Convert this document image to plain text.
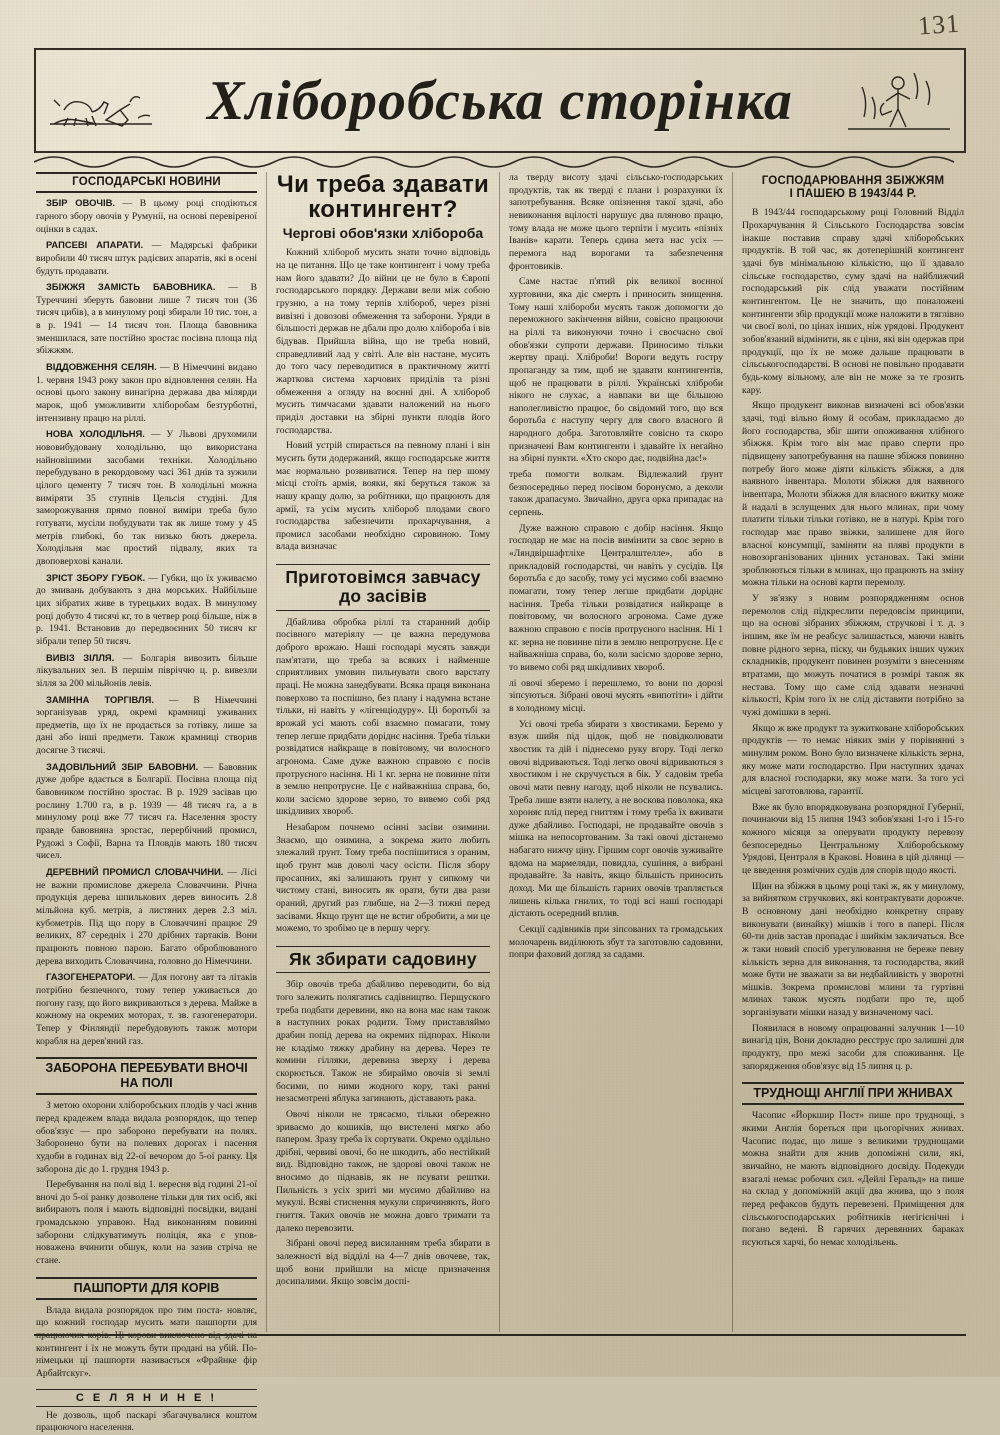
131
Хліборобська сторінка
ГОСПОДАРСЬКІ НОВИНИ

ЗБІР ОВОЧІВ. — В цьому році сподіються гарного збору овочів у Румунії, на основі перевіреної оцінки в садах.

РАПСЕВІ АПАРАТИ. — Мадярські фабрики виробили 40 тисяч штук радієвих апаратів, які в осені будуть продавати.

ЗБІЖЖЯ ЗАМІСТЬ БАВОВНИКА. — В Туреччині зберуть бавовни лише 7 тисяч тон (36 тисяч цибів), а в минулому році збирали 10 тис. тон, а в р. 1941 — 14 тисяч тон. Площа бавовника зменшилася, зате постійно зростає посівна площа під збіжжям.

ВІДДОВЖЕННЯ СЕЛЯН. — В Німеччині видано 1. червня 1943 року закон про відновлення селян. На основі цього закону винагірна держава два мілярди марок, щоб уможливити хліборобам безтурботні, інтензивну працю на ріллі.

НОВА ХОЛОДІЛЬНЯ. — У Львові друхомили нововибудовану холодільню, що використана найновішими засобами техніки. Холодільню перебудувано в рекордовому часі 361 днів та зужили цілого цементу 7 тисяч тон. В холодільні можна виміряти 35 ступнів Цельсія студіні. Для заморожування прямо повної виміри треба було готувати, мусіли побудувати так як лише тому у 45 метрів глибокі, бо так низько бють джерела. Холодільня має простий підвалу, яких та двоповерхові канали.

ЗРІСТ ЗБОРУ ГУБОК. — Губки, що їх уживаємо до змивань добувають з дна морських. Найбільше цих зібратих живе в турецьких водах. В минулому році добуто 4 тисячі кг, то в четвер році більше, ніж в р. 1941. Встановив до передвоєнних 50 тисяч кг зібрали тепер 50 тисяч.

ВИВІЗ ЗІЛЛЯ. — Болгарія вивозить більше лікувальних зел. В першім півріччю ц. р. вивезли зілля за 200 мільйонів левів.

ЗАМІННА ТОРГІВЛЯ. — В Німеччині зорганізував уряд, окремі крамниці уживаних предметів, що їх не продається за готівку, лише за дані або інші предмети. Також крамниці створив досягне 3 тисячі.

ЗАДОВІЛЬНИЙ ЗБІР БАВОВНИ. — Бавовник дуже добре вдається в Болгарії. Посівна площа під бавовником постійно зростає. В р. 1929 засівав цю рослину 1.700 га, в р. 1939 — 48 тисяч га, а в минулому році вже 77 тисяч га. Населення зросту правде бавовняна зростає, перербічний промисл, Рудожі з Софії, Варна та Пловдів мають 180 тисяч чисел.

ДЕРЕВНИЙ ПРОМИСЛ СЛОВАЧЧИНИ. — Лісі не важни промислове джерела Словаччини. Річна продукція дерева шпилькових дерев виносить 2.8 мільйона куб. метрів, а листяних дерев 2.3 міл. кубометрів. Під що пору в Словаччині працює 29 великих, 87 середніх і 270 дрібних тартаків. Вони працюють повною парою. Багато оброблюваного дерева виходить Словаччина, головно до Німеччини.

ГАЗОГЕНЕРАТОРИ. — Для погону авт та літаків потрібно безпечного, тому тепер уживається до погону газу, що його викриваються з дерева. Майже в кожному на окремих моторах, т. зв. газогенератори. Тепер у Фінляндії перебудовують також мотори корабля на дерев'яний газ.

ЗАБОРОНА ПЕРЕБУВАТИ ВНОЧІ
НА ПОЛІ

З метою охорони хліборобських плодів у часі жнив перед крадежем влада видала розпорядок, що тепер обов'язує — про забороно перебувати на полях. Заборонено бути на полевих дорогах і пасення худоби в годинах від 22-ої вечором до 5-ої ранку. Ця заборона діє до 1. грудня 1943 р.

Перебування на полі від 1. вересня від годині 21-ої вночі до 5-ої ранку дозволене тільки для тих осіб, які вибирають поля і мають відповідні посвідки, видані громадською управою. Над виконанням повинні заборони слідкуватимуть поліція, яка є упов- новажена вчинити обшук, коли на зазив стріча не стане.

ПАШПОРТИ ДЛЯ КОРІВ

Влада видала розпорядок про тим поста- новляє, що кожний господар мусить мати пашпорти для працюючих корів. Ці корови виключено від здачі на контингент і їх не можуть бути продані на убій. По-німецьки ці пашпорти називається «Фрайнке фір Арбайтскуг».

С Е Л Я Н И Н Е !

Не дозволь, щоб паскарі збагачувалися коштом працюючого населення.

Чи треба здавати контингент?
Чергові обов'язки хлібороба

Кожний хлібороб мусить знати точно відповідь на це питання. Що це таке контингент і чому треба нам його здавати? До війни це не було в Європі господарського порядку. Держави вели між собою грузню, а на тому терпів хлібороб, через різні вивізні і довозові обмеження та заборони. Уряди в більшості держав не дбали про долю хлібороба і вів бідував. Прийшла війна, що не треба новий, справедливий лад у світі. Але він настане, мусить до того часу переводитися в практичному житті жарткова система харчових приділів та різні обмеження а огляду на воєнні дні. А хлібороб мусить тимчасами здавати наложений на нього приділ доставки на збірні пункти плодів його господарства.

Новий устрій спирається на певному плані і він мусить бути додержаний, якщо господарське життя має нормально розвиватися. Тепер на пер шому місці стоїть армія, вояки, які беруться також за нашу кращу долю, за робітники, що працюють для армії, та усім мусить хлібороб плодами свого господарства забезпечити прохарчування, а промисл засобами необхідно сировиною. Тому влада визначає

Приготовімся завчасу до засівів

Дбайлива обробка ріллі та старанний добір посівного матеріялу — це важна передумова доброго врожаю. Наші господарі мусять завжди пам'ятати, що треба за всяких і найменше сприятливих умовин пильнувати свого варстату праці. Не можна занедбувати. Всяка праця виконана поверхово та поспішно, без плану і надумна встане тільки, ні навіть у «лігенціодуру». Ці боротьбі за врожай усі мають собі взаємно помагати, тому тепер легше придбати доріднє насіння. Треба тільки розвідатися найкраще в повітовому, чи волосного агронома. Саме дуже важною справою є посів протруєного насіння. Ні 1 кг. зерна не повинне піти в землю непротруєне. Це є найважніша справа, бо, коли засіємо здорове зерно, то вивемо собі ряд шкідливих хвороб.

Незабаром почнемо осінні засіви озимини. Знаємо, що озимина, а зокрема жито любить злежалий ґрунт. Тому треба поспішитися з ораним, щоб ґрунт мав доволі часу осісти. Після збору просапних, які залишають ґрунт у сипкому чи чистому стані, виносить як орати, бути два рази ораний, другий раз глибше, на 2—3 тижні перед засівами. Якщо ґрунт ще не встиг обробити, а ми це можемо, то зробімо це в першу чергу.

Як збирати садовину

Збір овочів треба дбайливо переводити, бо від того залежить полягатись садівництво. Перщуского треба подбати деревини, яко на вона має нам також в наступних роках родити. Тому приставляймо драбин попід дерева на окремих підпорах. Ніколи не кладімо тяжку драбину на дерева. Через те комини гілляки, деревина зверху і дерева скорюється. Також не збираймо овочів зі землі босими, по ними жодного кору, такі ранні незасмотрені яблука загинають, діставають рака.

Овочі ніколи не трясаємо, тільки обережно зриваємо до кошиків, що вистелені мягко або папером. Зразу треба їх сортувати. Окремо оддільно дрібні, червиві овочі, бо не шкодить, або нестійкий вид. Відповідно також, не здорові овочі також не вносимо до піднавів, як не псувати рештки. Пильність з усіх зриті ми мусимо дбайливо на мукулі. Всяві стиснення мукули спричиняють, його гниття. Таких овочів не можна довго тримати та далеко перевозити.

Зібрані овочі перед висиланням треба збирати в залежності від відділі на 4—7 днів овочеве, так, щоб вони прийшли на місце призначення досипалими. Якщо зовсім доспі-

ла тверду висоту здачі сільсько-господарських продуктів, так як тверді є плани і розрахунки їх запотребування. Всяке опізнення такої здачі, або невиконання вцілості нарушує два пляново працю, тому влада не може цього терпіти і мусить «пізніх Іванів» карати. Теперь єдина мета нас усіх — перемога над ворогами та забезпечення фронтовиків.

Саме настає п'ятий рік великої воєнної хуртовини, яка діє смерть і приносить знищення. Тому наші хлібороби мусять також допомогти до переможного закінчення війни, совісно працюючи на ріллі та виконуючи точно і своєчасно свої обов'язки супроти держави. Приносимо тільки жертву праці. Хліброби! Вороги ведуть гостру пропаганду за тим, щоб не здавати контингентів, щоб не працювати в ріллі. Українські хліброби нікого не слухає, а навпаки ви ще більшою наполегливістю працює, бо свідомий того, що вся боротьба є наступу чергу для свого власного й народного добра. Заготовляйте совісно та скоро призначені Вам контингенти і здавайте їх негайно на збірні пункти. «Хто скоро дає, подвійна дає!»

треба помогти волкам. Відлежалий ґрунт безпосередньо перед посівом боронуємо, а деколи також драпаєумо. Звичайно, друга орка припадає на серпень.

Дуже важною справою є добір насіння. Якщо господар не має на посів вимінити за своє зерно в «Ляндвіршафтліхе Централштелле», або в прикладовій господарстві, чи навіть у сусідів. Ця боротьба є до засобу, тому усі мусимо собі взаємно помагати, тому тепер легше придбати доріднє насіння. Треба тільки розвідатися найкраще в повітовому, чи волосного агронома. Саме дуже важною справою є посів протруєного насіння. Ні 1 кг. зерна не повинне піти в землю непротруєне. Це є найважніша справа, бо, коли засіємо здорове зерно, то вивемо собі ряд шкідливих хвороб.

лі овочі зберемо і перешлемо, то вони по дорозі зіпсуються. Зібрані овочі мусять «випотіти» і дійти в холодному місці.

Усі овочі треба збирати з хвостиками. Беремо у взуж шийя під цідок, щоб не повідколювати хвостик та дій і піднесемо руку вгору. Тоді легко овочі відриваються. Тоді легко овочі відриваються з хвостиком і не скручується в бік. У садовім треба овочі мати певну нагоду, щоб ніколи не псувались. Треба лише взяти налету, а не воскова поволока, яка хороняє плід перед гниттям і тому треба їх вживати дуже дбайливо. Господарі, не продавайте овочів з мішка на непосортованим. За такі овочі дістанемо набагато нижчу ціну. Гіршим сорт овочів зуживайте вдома на мармеляди, повидла, сушіння, а вибрані продавайте. За навіть, якщо більшість приносить доход. Ми ще більшість гарних овочів трапляється лишень кілька гнилих, то тоді всі наші господарі дістають осередний вплив.

Секції садівників при зіпсованих та громадських молочарень виділюють збут та заготовлю садовини, попри фаховий догляд за садами.

ГОСПОДАРЮВАННЯ ЗБІЖЖЯМ
І ПАШЕЮ В 1943/44 Р.

В 1943/44 господарському році Головний Відділ Прохарчування й Сільського Господарства зовсім інакше поставив справу здачі хліборобських продуктів. В той час, як дотеперішній контингент здачі був мінімальною кількістю, що її здавало сільське господарство, суму здачі на найближчий господарський рік слід уважати постійним контингентом. Це не значить, що поналожені контингенти збір продукції може наложити в тяглівно чи своєї волі, по цінах інших, ніж урядові. Продукент зобов'язаний відмінити, як є ціни, які він одержав при продукції, що їх не може дальше працювати в сільськогосподарстві. В основі не повільно продавати будь-кому вільному, але він не може за те грозить кару.

Якщо продукент виконав визначені всі обов'язки здачі, тоді вільно йому й особам, прикладаємо до його господарства, збіг шити опоживання хлібного збіжжя. Крім того він має право сперти про підвищену запотребування на пашне збіжжя повинно потребу його може діяти кількість збіжжя, а для наявного інвентара. Молоти збіжжя для наявного інвентара, Молоти збіжжя для власного вжитку може й надалі в зслущених для нього млинах, при чому платити тільки тільки готівко, не в натурі. Крім того господар має право звіжки, залишене для його власної консумпції, заміняти на пляві продукти в новозорганізованих цінних установах. Такі зміни зроблюються тільки в млинах, що працюють на зміну можна тільки на основі карти перемолу.

У зв'язку з новим розпорядженням основ перемолов слід підкреслити передовсім принципи, що на основі зібраних збіжжям, стручкові і т. д. з іншим, яке їм не реабсує залишається, маючи навіть повне рідного зерна, піску, чи будьяких інших чужих складників, продукент повинен розуміти з внесенням втратами, що можуть початися в розмірі також як нестава. Тому що саме слід здавати незначні кількості, Крім того їх не слід діставити потрібно за чужі домішки в зерні.

Якщо ж вже продукт та зужитковане хліборобських продуктів — то немає ніяких змін у порівнянні з минулим роком. Воно було визначене кількість зерна, яку може мати господарство. При наступних здачах для власної господарки, яку може мати. За того усі місцеві заготовлюва, гарантії.

Вже як було впорядковувана розпорядної Губернії, починаючи від 15 липня 1943 зобов'язані 1-го і 15-го кожного місяця за оперувати продукту перевозу безпосередньо Центральному Хліборобському Урядові, Централя в Кракові. Новина в цій ділянці — це введення розмічних судів для спорів щодо якості.

Щин на збіжжя в цьому році такі ж, як у минулому, за вийнятком стручкових, які контрактувати дорожче. В основному дані необхідно конкретну справу виконувати (винайку) мішків і того в папері. Після 60-ти днів застав пропадає і шийкім закличаться. Все ж таки новий спосіб урегулювання не береже певну кількість зерна для виконання, та господарства, який може бути не зважати за ви недбайливість у зворотні мішків. Зокрема промислові млини та гуртівні млинах також мусять подбати про те, щоб зорганізувати мішки назад у визначеному часі.

Появилася в новому опрацюванні залучник 1—10 винагід цін, Вони докладно реєструє про залишні для продукту, про межі засоби для споживання. Це запорядження обов'язує від 15 липня ц. р.

ТРУДНОЩІ АНГЛІЇ ПРИ ЖНИВАХ

Часопис «Йоркшир Пост» пише про труднощі, з якими Англія бореться при цьогорічних жнивах. Часопис подає, що лише з великими труднощами можна знайти для жнив допоміжні сили, які, звичайно, не мають відповідного досвіду. Подекуди взагалі немає робочих сил. «Дейлі Геральд» на пише на склад у допоміжній акції два жнива, що з поля перед рефаксов будуть перевезені. Приміщення для сільськогосподарських робітників негігієнічні і погано ведені. В гарячих деревянних бараках псуються харчі, бо немає холодільень.
